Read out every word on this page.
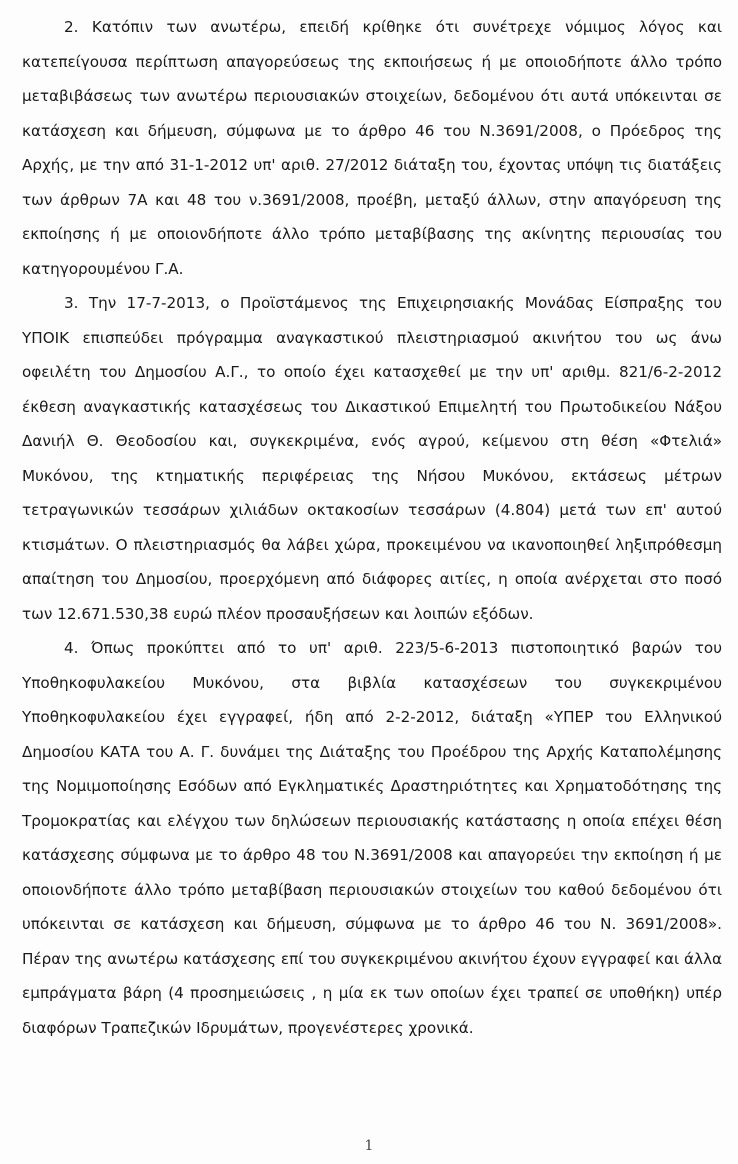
2. Κατόπιν των ανωτέρω, επειδή κρίθηκε ότι συνέτρεχε νόμιμος λόγος και κατεπείγουσα περίπτωση απαγορεύσεως της εκποιήσεως ή με οποιοδήποτε άλλο τρόπο μεταβιβάσεως των ανωτέρω περιουσιακών στοιχείων, δεδομένου ότι αυτά υπόκεινται σε κατάσχεση και δήμευση, σύμφωνα με το άρθρο 46 του Ν.3691/2008, ο Πρόεδρος της Αρχής, με την από 31-1-2012 υπ' αριθ. 27/2012 διάταξη του, έχοντας υπόψη τις διατάξεις των άρθρων 7Α και 48 του ν.3691/2008, προέβη, μεταξύ άλλων, στην απαγόρευση της εκποίησης ή με οποιονδήποτε άλλο τρόπο μεταβίβασης της ακίνητης περιουσίας του κατηγορουμένου Γ.Α.

3. Την 17-7-2013, ο Προϊστάμενος της Επιχειρησιακής Μονάδας Είσπραξης του ΥΠΟΙΚ επισπεύδει πρόγραμμα αναγκαστικού πλειστηριασμού ακινήτου του ως άνω οφειλέτη του Δημοσίου Α.Γ., το οποίο έχει κατασχεθεί με την υπ' αριθμ. 821/6-2-2012 έκθεση αναγκαστικής κατασχέσεως του Δικαστικού Επιμελητή του Πρωτοδικείου Νάξου Δανιήλ Θ. Θεοδοσίου και, συγκεκριμένα, ενός αγρού, κείμενου στη θέση «Φτελιά» Μυκόνου, της κτηματικής περιφέρειας της Νήσου Μυκόνου, εκτάσεως μέτρων τετραγωνικών τεσσάρων χιλιάδων οκτακοσίων τεσσάρων (4.804) μετά των επ' αυτού κτισμάτων. Ο πλειστηριασμός θα λάβει χώρα, προκειμένου να ικανοποιηθεί ληξιπρόθεσμη απαίτηση του Δημοσίου, προερχόμενη από διάφορες αιτίες, η οποία ανέρχεται στο ποσό των 12.671.530,38 ευρώ πλέον προσαυξήσεων και λοιπών εξόδων.

4. Όπως προκύπτει από το υπ' αριθ. 223/5-6-2013 πιστοποιητικό βαρών του Υποθηκοφυλακείου Μυκόνου, στα βιβλία κατασχέσεων του συγκεκριμένου Υποθηκοφυλακείου έχει εγγραφεί, ήδη από 2-2-2012, διάταξη «ΥΠΕΡ του Ελληνικού Δημοσίου ΚΑΤΑ του Α. Γ. δυνάμει της Διάταξης του Προέδρου της Αρχής Καταπολέμησης της Νομιμοποίησης Εσόδων από Εγκληματικές Δραστηριότητες και Χρηματοδότησης της Τρομοκρατίας και ελέγχου των δηλώσεων περιουσιακής κατάστασης η οποία επέχει θέση κατάσχεσης σύμφωνα με το άρθρο 48 του Ν.3691/2008 και απαγορεύει την εκποίηση ή με οποιονδήποτε άλλο τρόπο μεταβίβαση περιουσιακών στοιχείων του καθού δεδομένου ότι υπόκεινται σε κατάσχεση και δήμευση, σύμφωνα με το άρθρο 46 του Ν. 3691/2008». Πέραν της ανωτέρω κατάσχεσης επί του συγκεκριμένου ακινήτου έχουν εγγραφεί και άλλα εμπράγματα βάρη (4 προσημειώσεις , η μία εκ των οποίων έχει τραπεί σε υποθήκη) υπέρ διαφόρων Τραπεζικών Ιδρυμάτων, προγενέστερες χρονικά.

1
